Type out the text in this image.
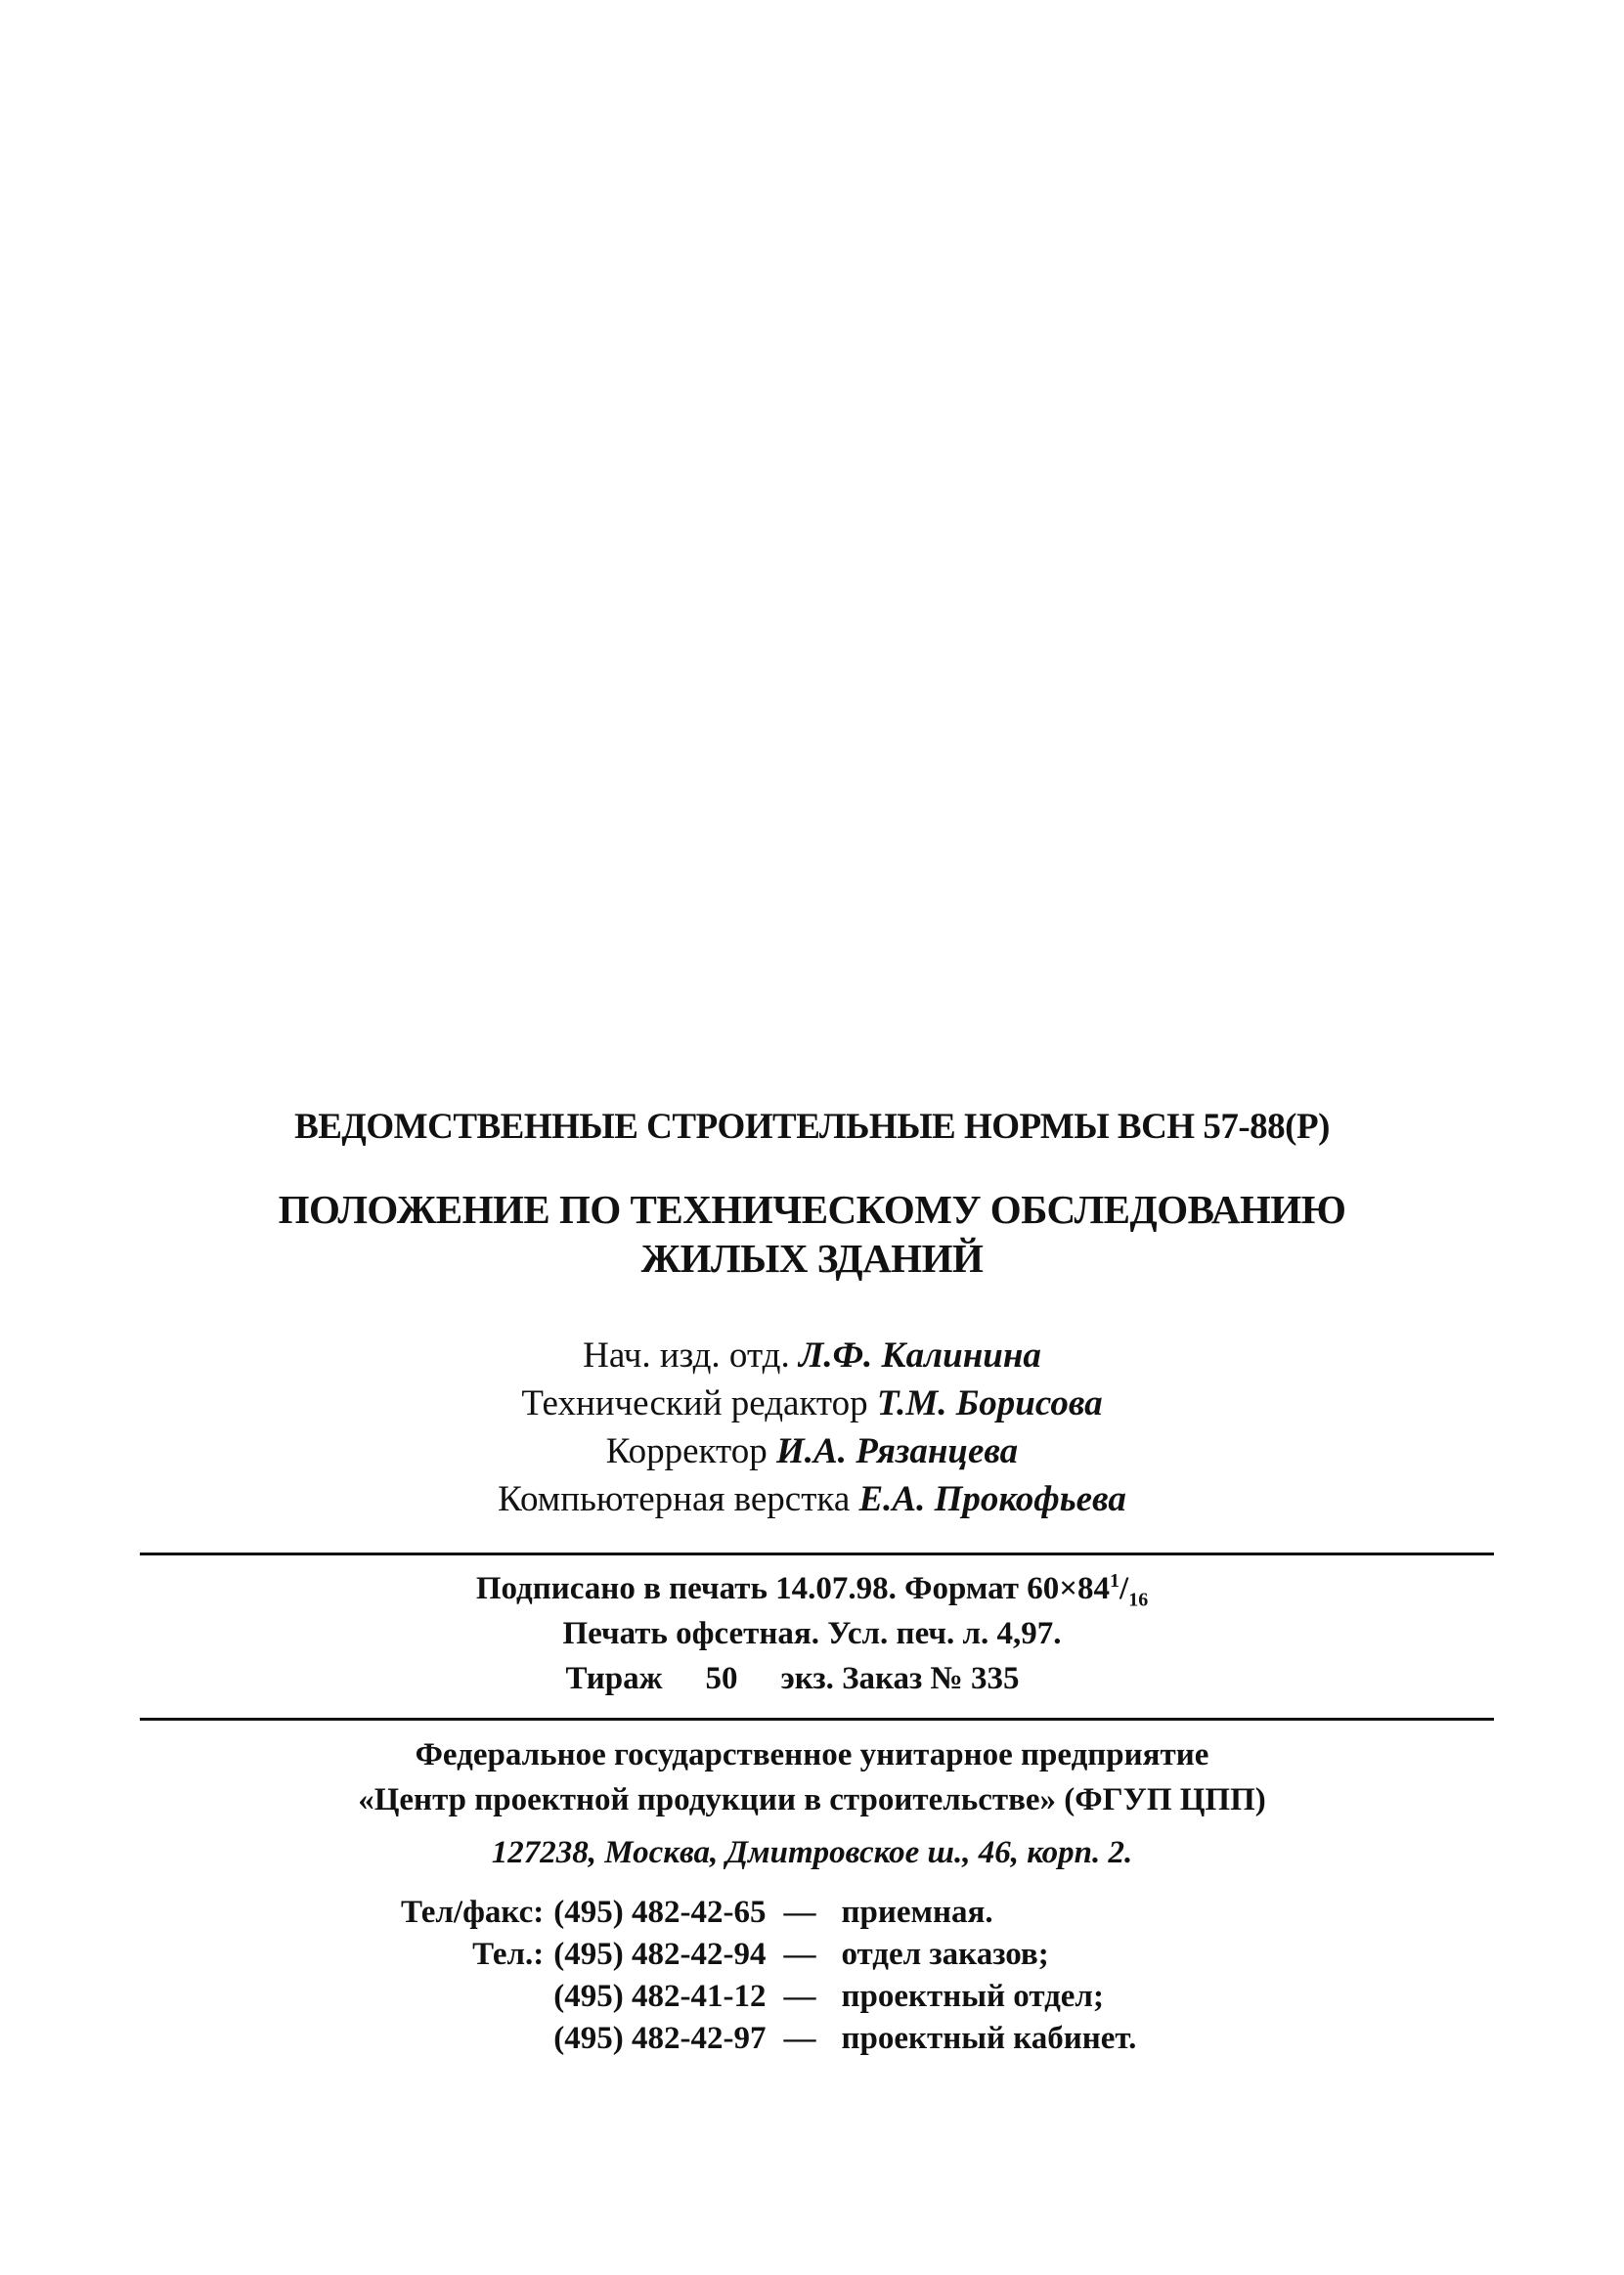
ВЕДОМСТВЕННЫЕ СТРОИТЕЛЬНЫЕ НОРМЫ ВСН 57-88(Р)
ПОЛОЖЕНИЕ ПО ТЕХНИЧЕСКОМУ ОБСЛЕДОВАНИЮ
ЖИЛЫХ ЗДАНИЙ
Нач. изд. отд. Л.Ф. Калинина
Технический редактор Т.М. Борисова
Корректор И.А. Рязанцева
Компьютерная верстка Е.А. Прокофьева
Подписано в печать 14.07.98. Формат $60\times 84^1/_{16}$
Печать офсетная. Усл. печ. л. 4,97.
Тираж 50 экз. Заказ № 335
Федеральное государственное унитарное предприятие
«Центр проектной продукции в строительстве» (ФГУП ЦПП)
127238, Москва, Дмитровское ш., 46, корп. 2.
Тел/факс:	(495) 482-42-65	—	приемная.
Тел.:	(495) 482-42-94	—	отдел заказов;
	(495) 482-41-12	—	проектный отдел;
	(495) 482-42-97	—	проектный кабинет.
